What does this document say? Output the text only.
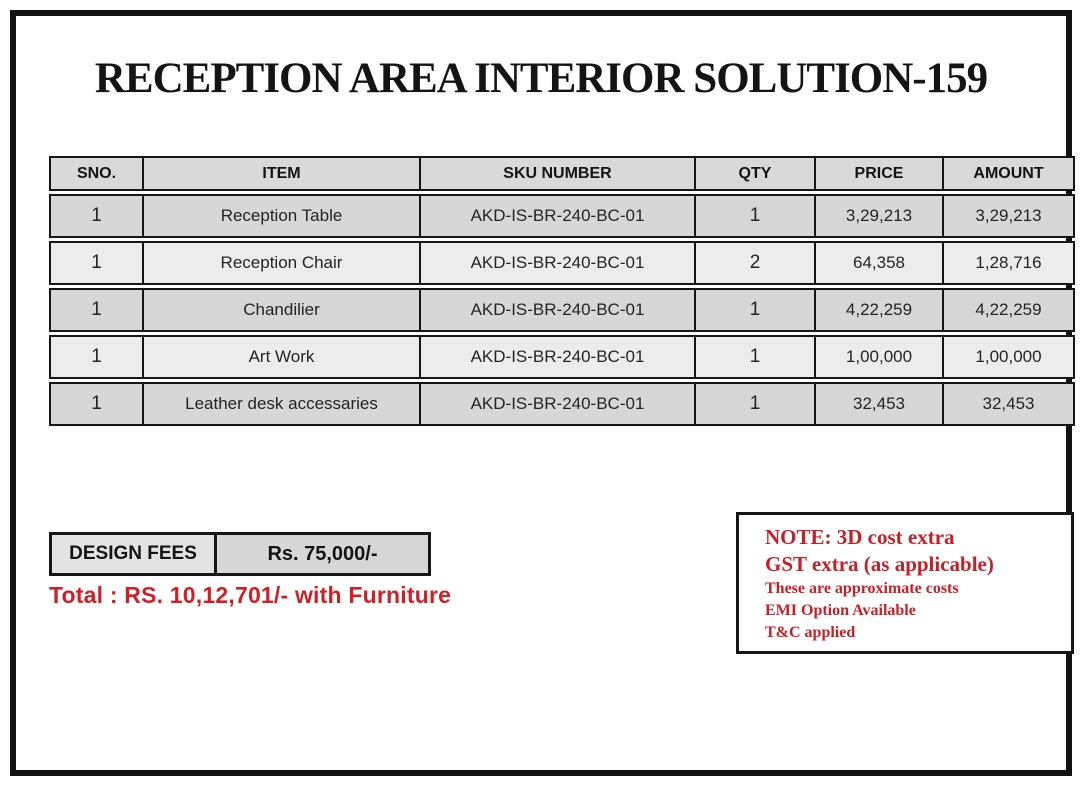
RECEPTION AREA INTERIOR SOLUTION-159
SNO.	ITEM	SKU NUMBER	QTY	PRICE	AMOUNT
1	Reception Table	AKD-IS-BR-240-BC-01	1	3,29,213	3,29,213
1	Reception Chair	AKD-IS-BR-240-BC-01	2	64,358	1,28,716
1	Chandilier	AKD-IS-BR-240-BC-01	1	4,22,259	4,22,259
1	Art Work	AKD-IS-BR-240-BC-01	1	1,00,000	1,00,000
1	Leather desk accessaries	AKD-IS-BR-240-BC-01	1	32,453	32,453
DESIGN FEES	Rs. 75,000/-
Total : RS. 10,12,701/- with Furniture

NOTE: 3D cost extra

GST extra (as applicable)

These are approximate costs

EMI Option Available

T&C applied
